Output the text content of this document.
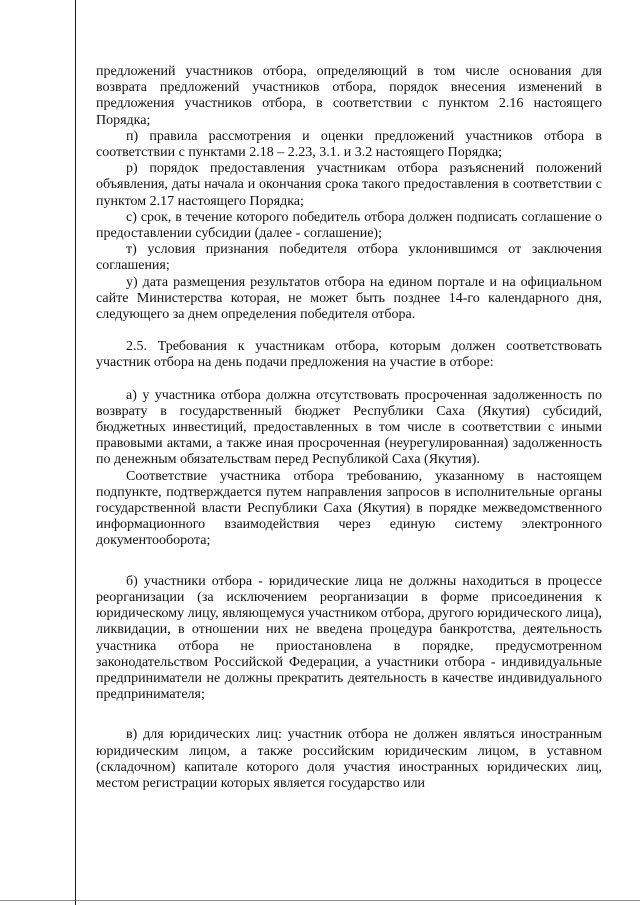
предложений участников отбора, определяющий в том числе основания для возврата предложений участников отбора, порядок внесения изменений в предложения участников отбора, в соответствии с пунктом 2.16 настоящего Порядка;

п) правила рассмотрения и оценки предложений участников отбора в соответствии с пунктами 2.18 – 2.23, 3.1. и 3.2 настоящего Порядка;

р) порядок предоставления участникам отбора разъяснений положений объявления, даты начала и окончания срока такого предоставления в соответствии с пунктом 2.17 настоящего Порядка;

с) срок, в течение которого победитель отбора должен подписать соглашение о предоставлении субсидии (далее - соглашение);

т) условия признания победителя отбора уклонившимся от заключения соглашения;

у) дата размещения результатов отбора на едином портале и на официальном сайте Министерства которая, не может быть позднее 14-го календарного дня, следующего за днем определения победителя отбора.

2.5. Требования к участникам отбора, которым должен соответствовать участник отбора на день подачи предложения на участие в отборе:

а) у участника отбора должна отсутствовать просроченная задолженность по возврату в государственный бюджет Республики Саха (Якутия) субсидий, бюджетных инвестиций, предоставленных в том числе в соответствии с иными правовыми актами, а также иная просроченная (неурегулированная) задолженность по денежным обязательствам перед Республикой Саха (Якутия).

Соответствие участника отбора требованию, указанному в настоящем подпункте, подтверждается путем направления запросов в исполнительные органы государственной власти Республики Саха (Якутия) в порядке межведомственного информационного взаимодействия через единую систему электронного документооборота;

б) участники отбора - юридические лица не должны находиться в процессе реорганизации (за исключением реорганизации в форме присоединения к юридическому лицу, являющемуся участником отбора, другого юридического лица), ликвидации, в отношении них не введена процедура банкротства, деятельность участника отбора не приостановлена в порядке, предусмотренном законодательством Российской Федерации, а участники отбора - индивидуальные предприниматели не должны прекратить деятельность в качестве индивидуального предпринимателя;

в) для юридических лиц: участник отбора не должен являться иностранным юридическим лицом, а также российским юридическим лицом, в уставном (складочном) капитале которого доля участия иностранных юридических лиц, местом регистрации которых является государство или
